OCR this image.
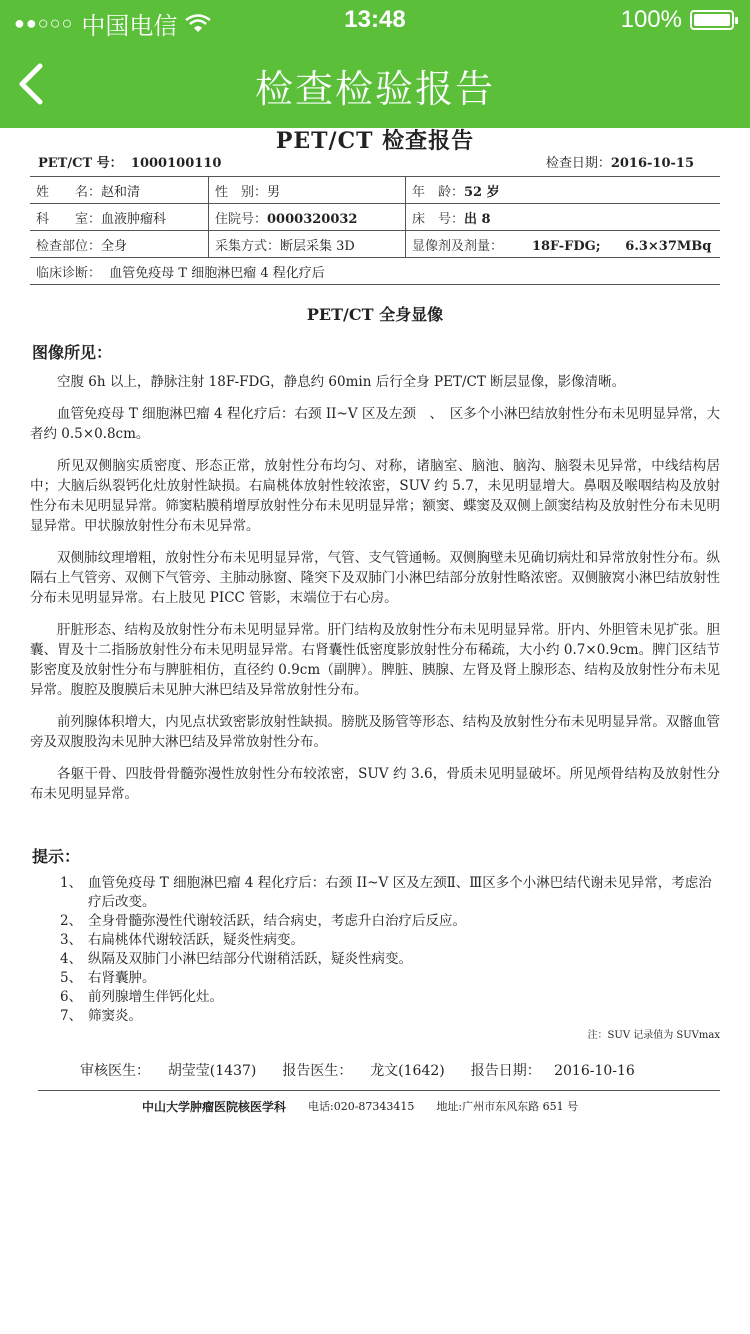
●●○○○ 中国电信	13:48	100%
检查检验报告
PET/CT 检查报告
PET/CT 号： 1000100110	检查日期：2016-10-15
姓　　名：赵和清	性　别：男	年　龄：52 岁
科　　室：血液肿瘤科	住院号：0000320032	床　号：出 8
检查部位：全身	采集方式：断层采集 3D	显像剂及剂量： 18F-FDG; 6.3×37MBq
临床诊断： 血管免疫母 T 细胞淋巴瘤 4 程化疗后		
PET/CT 全身显像
图像所见：

空腹 6h 以上，静脉注射 18F-FDG，静息约 60min 后行全身 PET/CT 断层显像，影像清晰。

血管免疫母 T 细胞淋巴瘤 4 程化疗后：右颈 II~V 区及左颈　、　区多个小淋巴结放射性分布未见明显异常，大者约 0.5×0.8cm。

所见双侧脑实质密度、形态正常，放射性分布均匀、对称，诸脑室、脑池、脑沟、脑裂未见异常，中线结构居中；大脑后纵裂钙化灶放射性缺损。右扁桃体放射性较浓密，SUV 约 5.7，未见明显增大。鼻咽及喉咽结构及放射性分布未见明显异常。筛窦粘膜稍增厚放射性分布未见明显异常；额窦、蝶窦及双侧上颌窦结构及放射性分布未见明显异常。甲状腺放射性分布未见异常。

双侧肺纹理增粗，放射性分布未见明显异常，气管、支气管通畅。双侧胸壁未见确切病灶和异常放射性分布。纵隔右上气管旁、双侧下气管旁、主肺动脉窗、隆突下及双肺门小淋巴结部分放射性略浓密。双侧腋窝小淋巴结放射性分布未见明显异常。右上肢见 PICC 管影，末端位于右心房。

肝脏形态、结构及放射性分布未见明显异常。肝门结构及放射性分布未见明显异常。肝内、外胆管未见扩张。胆囊、胃及十二指肠放射性分布未见明显异常。右肾囊性低密度影放射性分布稀疏，大小约 0.7×0.9cm。脾门区结节影密度及放射性分布与脾脏相仿，直径约 0.9cm（副脾）。脾脏、胰腺、左肾及肾上腺形态、结构及放射性分布未见异常。腹腔及腹膜后未见肿大淋巴结及异常放射性分布。

前列腺体积增大，内见点状致密影放射性缺损。膀胱及肠管等形态、结构及放射性分布未见明显异常。双髂血管旁及双腹股沟未见肿大淋巴结及异常放射性分布。

各躯干骨、四肢骨骨髓弥漫性放射性分布较浓密，SUV 约 3.6，骨质未见明显破坏。所见颅骨结构及放射性分布未见明显异常。

提示：
1、 血管免疫母 T 细胞淋巴瘤 4 程化疗后：右颈 II~V 区及左颈Ⅱ、Ⅲ区多个小淋巴结代谢未见异常，考虑治疗后改变。
2、 全身骨髓弥漫性代谢较活跃，结合病史，考虑升白治疗后反应。
3、 右扁桃体代谢较活跃，疑炎性病变。
4、 纵隔及双肺门小淋巴结部分代谢稍活跃，疑炎性病变。
5、 右肾囊肿。
6、 前列腺增生伴钙化灶。
7、 筛窦炎。
注：SUV 记录值为 SUVmax
审核医生： 胡莹莹(1437) 报告医生： 龙文(1642) 报告日期： 2016-10-16
中山大学肿瘤医院核医学科 电话:020-87343415 地址:广州市东风东路 651 号
